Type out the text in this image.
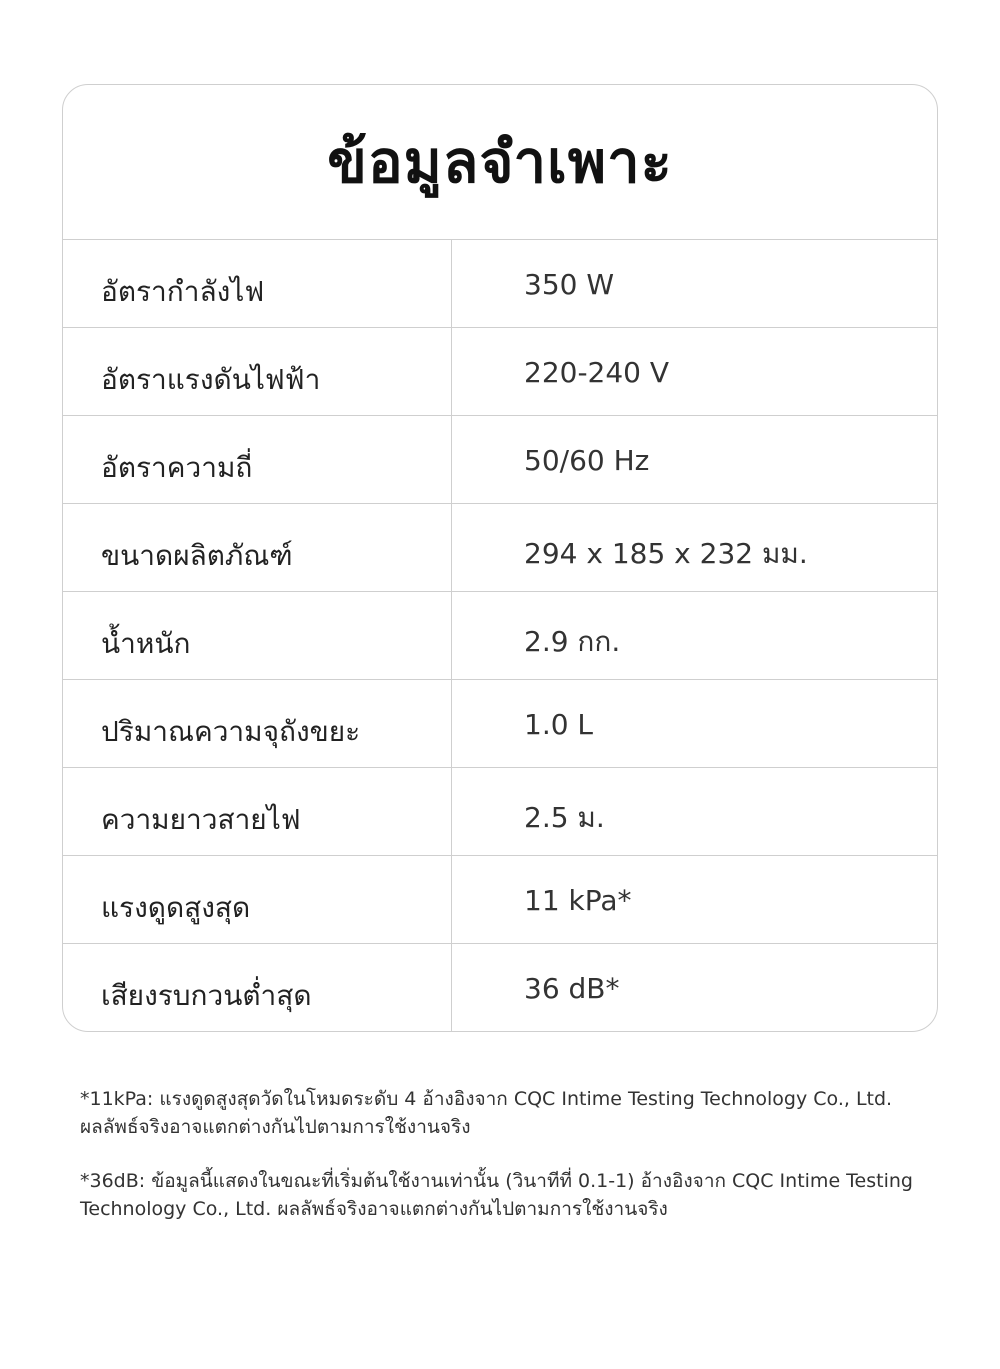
ข้อมูลจำเพาะ
อัตรากำลังไฟ	350 W
อัตราแรงดันไฟฟ้า	220-240 V
อัตราความถี่	50/60 Hz
ขนาดผลิตภัณฑ์	294 x 185 x 232 มม.
น้ำหนัก	2.9 กก.
ปริมาณความจุถังขยะ	1.0 L
ความยาวสายไฟ	2.5 ม.
แรงดูดสูงสุด	11 kPa*
เสียงรบกวนต่ำสุด	36 dB*

*11kPa: แรงดูดสูงสุดวัดในโหมดระดับ 4 อ้างอิงจาก CQC Intime Testing Technology Co., Ltd.
ผลลัพธ์จริงอาจแตกต่างกันไปตามการใช้งานจริง

*36dB: ข้อมูลนี้แสดงในขณะที่เริ่มต้นใช้งานเท่านั้น (วินาทีที่ 0.1-1) อ้างอิงจาก CQC Intime Testing
Technology Co., Ltd. ผลลัพธ์จริงอาจแตกต่างกันไปตามการใช้งานจริง
